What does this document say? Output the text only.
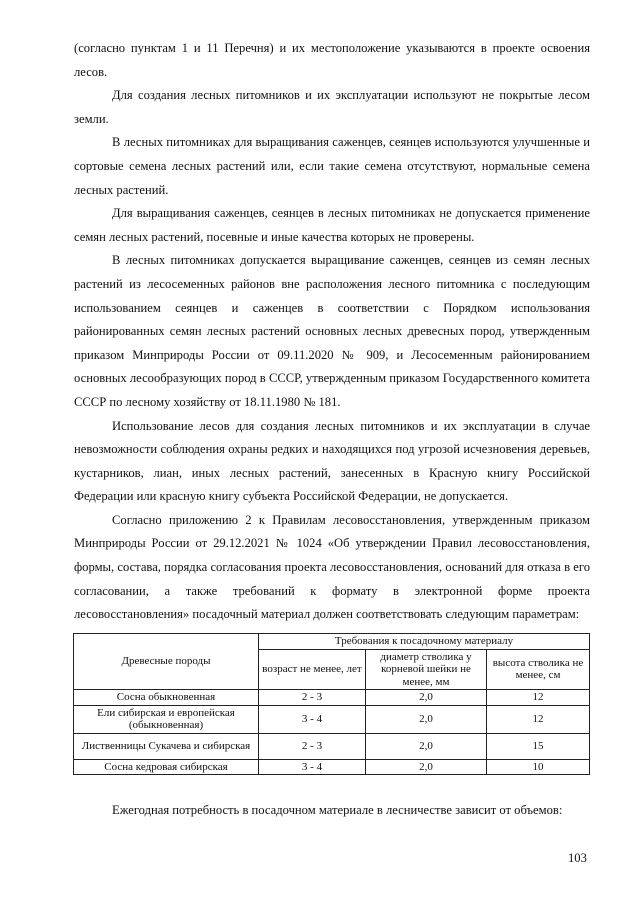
(согласно пунктам 1 и 11 Перечня) и их местоположение указываются в проекте освоения лесов.

Для создания лесных питомников и их эксплуатации используют не покрытые лесом земли.

В лесных питомниках для выращивания саженцев, сеянцев используются улучшенные и сортовые семена лесных растений или, если такие семена отсутствуют, нормальные семена лесных растений.

Для выращивания саженцев, сеянцев в лесных питомниках не допускается применение семян лесных растений, посевные и иные качества которых не проверены.

В лесных питомниках допускается выращивание саженцев, сеянцев из семян лесных растений из лесосеменных районов вне расположения лесного питомника с последующим использованием сеянцев и саженцев в соответствии с Порядком использования районированных семян лесных растений основных лесных древесных пород, утвержденным приказом Минприроды России от 09.11.2020 № 909, и Лесосеменным районированием основных лесообразующих пород в СССР, утвержденным приказом Государственного комитета СССР по лесному хозяйству от 18.11.1980 № 181.

Использование лесов для создания лесных питомников и их эксплуатации в случае невозможности соблюдения охраны редких и находящихся под угрозой исчезновения деревьев, кустарников, лиан, иных лесных растений, занесенных в Красную книгу Российской Федерации или красную книгу субъекта Российской Федерации, не допускается.

Согласно приложению 2 к Правилам лесовосстановления, утвержденным приказом Минприроды России от 29.12.2021 № 1024 «Об утверждении Правил лесовосстановления, формы, состава, порядка согласования проекта лесовосстановления, оснований для отказа в его согласовании, а также требований к формату в электронной форме проекта лесовосстановления» посадочный материал должен соответствовать следующим параметрам:

Древесные породы	Требования к посадочному материалу		
	возраст не менее, лет	диаметр стволика у корневой шейки не менее, мм	высота стволика не менее, см
Сосна обыкновенная	2 - 3	2,0	12
Ели сибирская и европейская (обыкновенная)	3 - 4	2,0	12
Лиственницы Сукачева и сибирская	2 - 3	2,0	15
Сосна кедровая сибирская	3 - 4	2,0	10
Ежегодная потребность в посадочном материале в лесничестве зависит от объемов:
103
